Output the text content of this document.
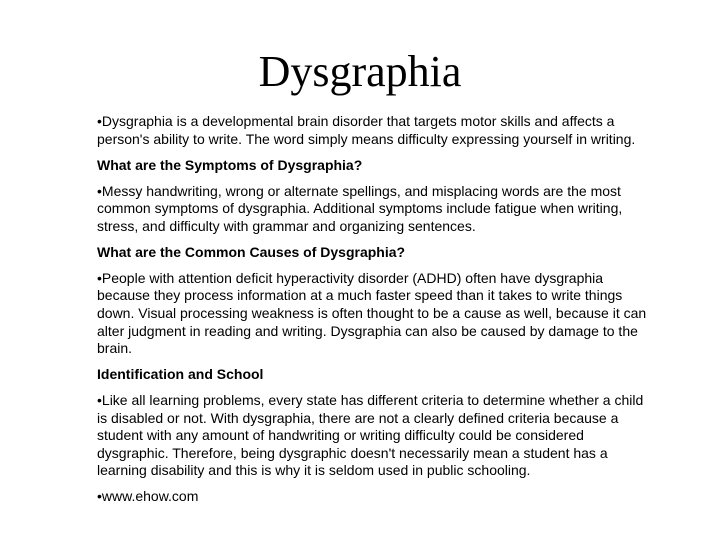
Dysgraphia

•Dysgraphia is a developmental brain disorder that targets motor skills and affects a person's ability to write. The word simply means difficulty expressing yourself in writing.

What are the Symptoms of Dysgraphia?

•Messy handwriting, wrong or alternate spellings, and misplacing words are the most common symptoms of dysgraphia. Additional symptoms include fatigue when writing, stress, and difficulty with grammar and organizing sentences.

What are the Common Causes of Dysgraphia?

•People with attention deficit hyperactivity disorder (ADHD) often have dysgraphia because they process information at a much faster speed than it takes to write things down. Visual processing weakness is often thought to be a cause as well, because it can alter judgment in reading and writing. Dysgraphia can also be caused by damage to the brain.

Identification and School

•Like all learning problems, every state has different criteria to determine whether a child is disabled or not. With dysgraphia, there are not a clearly defined criteria because a student with any amount of handwriting or writing difficulty could be considered dysgraphic. Therefore, being dysgraphic doesn't necessarily mean a student has a learning disability and this is why it is seldom used in public schooling.

•www.ehow.com
